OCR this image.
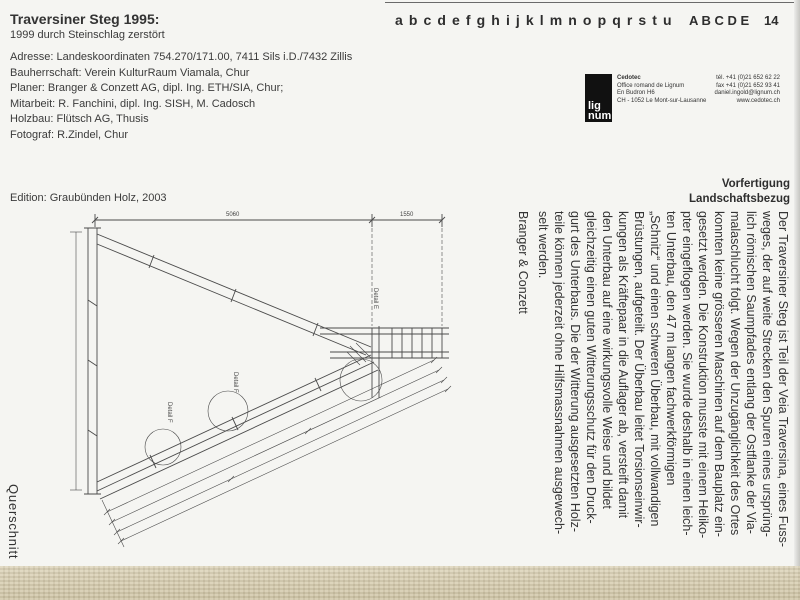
a b c d e f g h i j k l m n o p q r s t u A B C D E 14
Traversiner Steg 1995:
1999 durch Steinschlag zerstört
Adresse: Landeskoordinaten 754.270/171.00, 7411 Sils i.D./7432 Zillis
Bauherrschaft: Verein KulturRaum Viamala, Chur
Planer: Branger & Conzett AG, dipl. Ing. ETH/SIA, Chur;
Mitarbeit: R. Fanchini, dipl. Ing. SISH, M. Cadosch
Holzbau: Flütsch AG, Thusis
Fotograf: R.Zindel, Chur
Edition: Graubünden Holz, 2003
lig
num
Cedotec
Office romand de Lignum
En Budron H6
CH - 1052 Le Mont-sur-Lausanne
tél. +41 (0)21 652 62 22
fax +41 (0)21 652 93 41
daniel.ingold@lignum.ch
www.cedotec.ch
Vorfertigung
Landschaftsbezug
Der Traversiner Steg ist Teil der Veia Traversina, eines Fuss-
weges, der auf weite Strecken den Spuren eines ursprüng-
lich römischen Saumpfades entlang der Ostflanke der Via-
malaschlucht folgt. Wegen der Unzugänglichkeit des Ortes
konnten keine grösseren Maschinen auf dem Bauplatz ein-
gesetzt werden. Die Konstruktion musste mit einem Heliko-
pter eingeflogen werden. Sie wurde deshalb in einen leich-
ten Unterbau, den 47 m langen fachwerkförmigen
„Schnitz“ und einen schweren Überbau, mit vollwandigen
Brüstungen, aufgeteilt. Der Überbau leitet Torsionseinwir-
kungen als Kräftepaar in die Auflager ab, versteift damit
den Unterbau auf eine wirkungsvolle Weise und bildet
gleichzeitig einen guten Witterungsschutz für den Druck-
gurt des Unterbaus. Die der Witterung ausgesetzten Holz-
teile können jederzeit ohne Hilfsmassnahmen ausgewech-
selt werden.
Branger & Conzett
Querschnitt
5060	1550
Detail E
Detail F
Detail F
